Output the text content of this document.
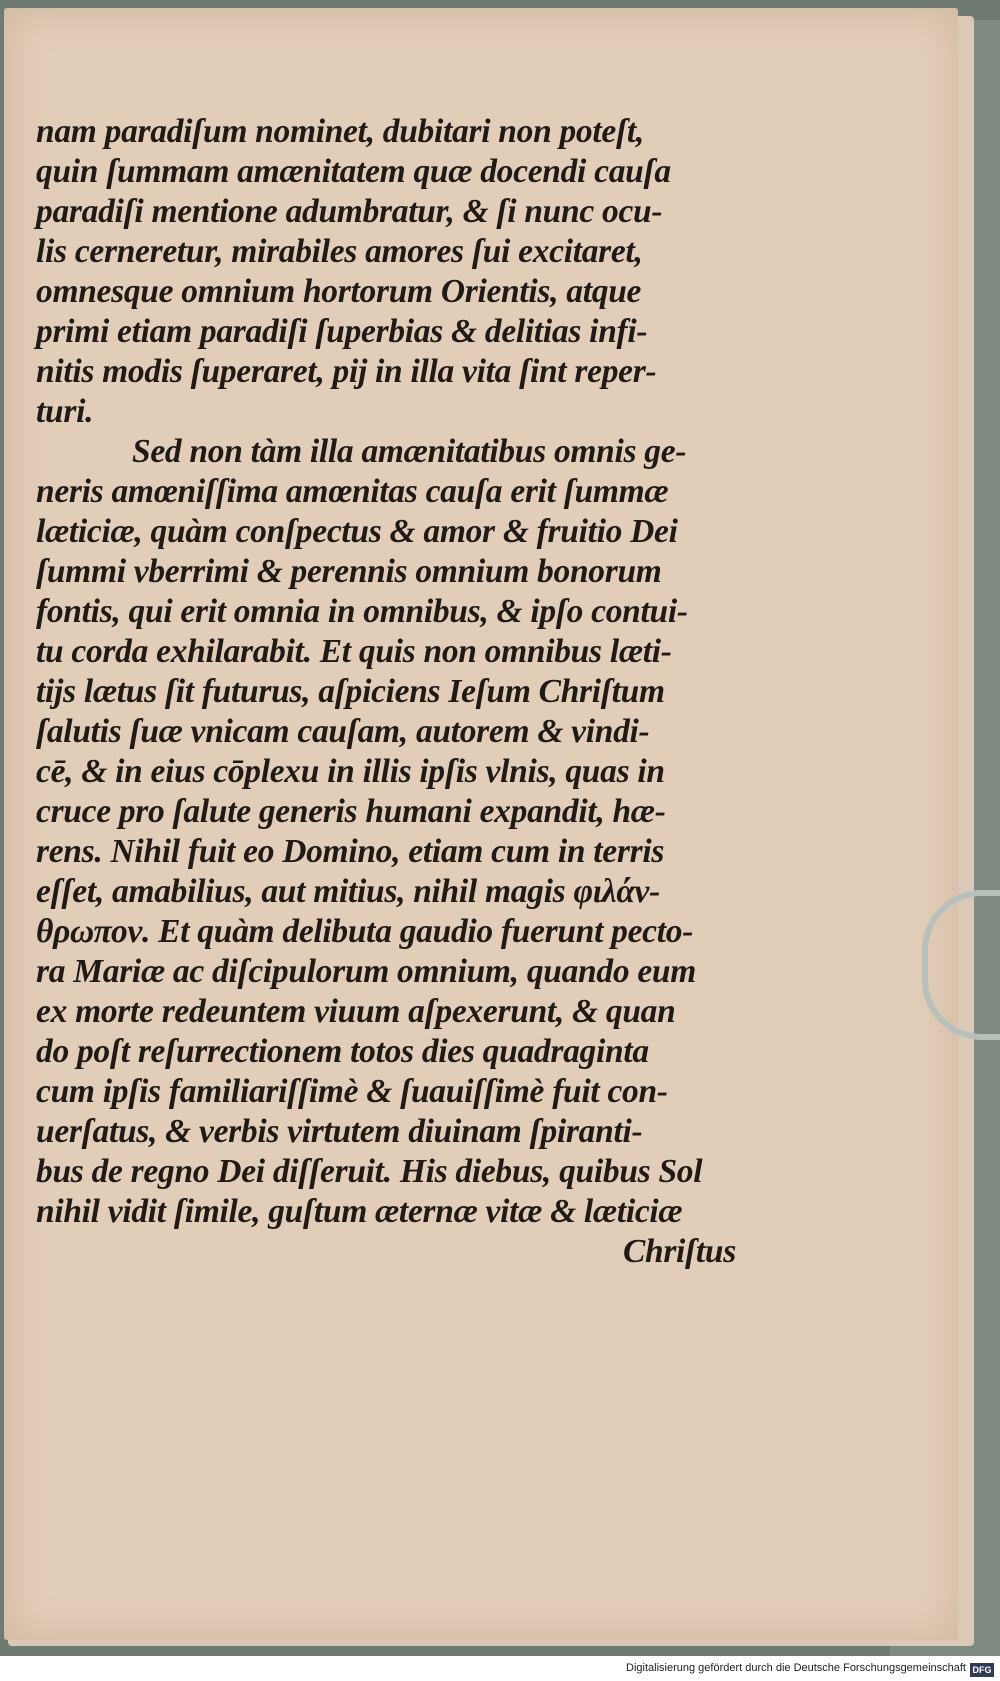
nam paradiſum nominet, dubitari non poteſt,
quin ſummam amænitatem quæ docendi cauſa
paradiſi mentione adumbratur, & ſi nunc ocu-
lis cerneretur, mirabiles amores ſui excitaret,
omnesque omnium hortorum Orientis, atque
primi etiam paradiſi ſuperbias & delitias infi-
nitis modis ſuperaret, pij in illa vita ſint reper-
turi.
Sed non tàm illa amænitatibus omnis ge-
neris amœniſſima amœnitas cauſa erit ſummæ
læticiæ, quàm conſpectus & amor & fruitio Dei
ſummi vberrimi & perennis omnium bonorum
fontis, qui erit omnia in omnibus, & ipſo contui-
tu corda exhilarabit. Et quis non omnibus læti-
tijs lætus ſit futurus, aſpiciens Ieſum Chriſtum
ſalutis ſuæ vnicam cauſam, autorem & vindi-
cē, & in eius cōplexu in illis ipſis vlnis, quas in
cruce pro ſalute generis humani expandit, hæ-
rens. Nihil fuit eo Domino, etiam cum in terris
eſſet, amabilius, aut mitius, nihil magis φιλάν-
θρωπον. Et quàm delibuta gaudio fuerunt pecto-
ra Mariæ ac diſcipulorum omnium, quando eum
ex morte redeuntem viuum aſpexerunt, & quan
do poſt reſurrectionem totos dies quadraginta
cum ipſis familiariſſimè & ſuauiſſimè fuit con-
uerſatus, & verbis virtutem diuinam ſpiranti-
bus de regno Dei diſſeruit. His diebus, quibus Sol
nihil vidit ſimile, guſtum æternæ vitæ & læticiæ
Chriſtus
Digitalisierung gefördert durch die Deutsche Forschungsgemeinschaft DFG
